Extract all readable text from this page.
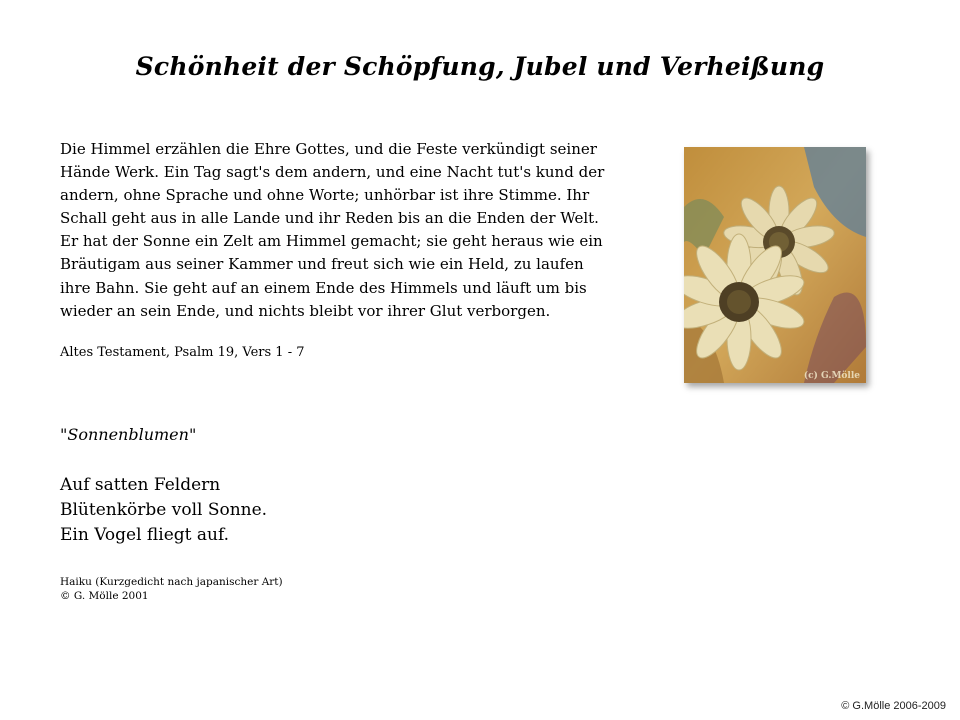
Schönheit der Schöpfung, Jubel und Verheißung

Die Himmel erzählen die Ehre Gottes, und die Feste verkündigt seiner Hände Werk. Ein Tag sagt's dem andern, und eine Nacht tut's kund der andern, ohne Sprache und ohne Worte; unhörbar ist ihre Stimme. Ihr Schall geht aus in alle Lande und ihr Reden bis an die Enden der Welt. Er hat der Sonne ein Zelt am Himmel gemacht; sie geht heraus wie ein Bräutigam aus seiner Kammer und freut sich wie ein Held, zu laufen ihre Bahn. Sie geht auf an einem Ende des Himmels und läuft um bis wieder an sein Ende, und nichts bleibt vor ihrer Glut verborgen.

Altes Testament, Psalm 19, Vers 1 - 7

(c) G.Mölle
"Sonnenblumen"
Auf satten Feldern
Blütenkörbe voll Sonne.
Ein Vogel fliegt auf.
Haiku (Kurzgedicht nach japanischer Art)
© G. Mölle 2001
© G.Mölle 2006-2009
